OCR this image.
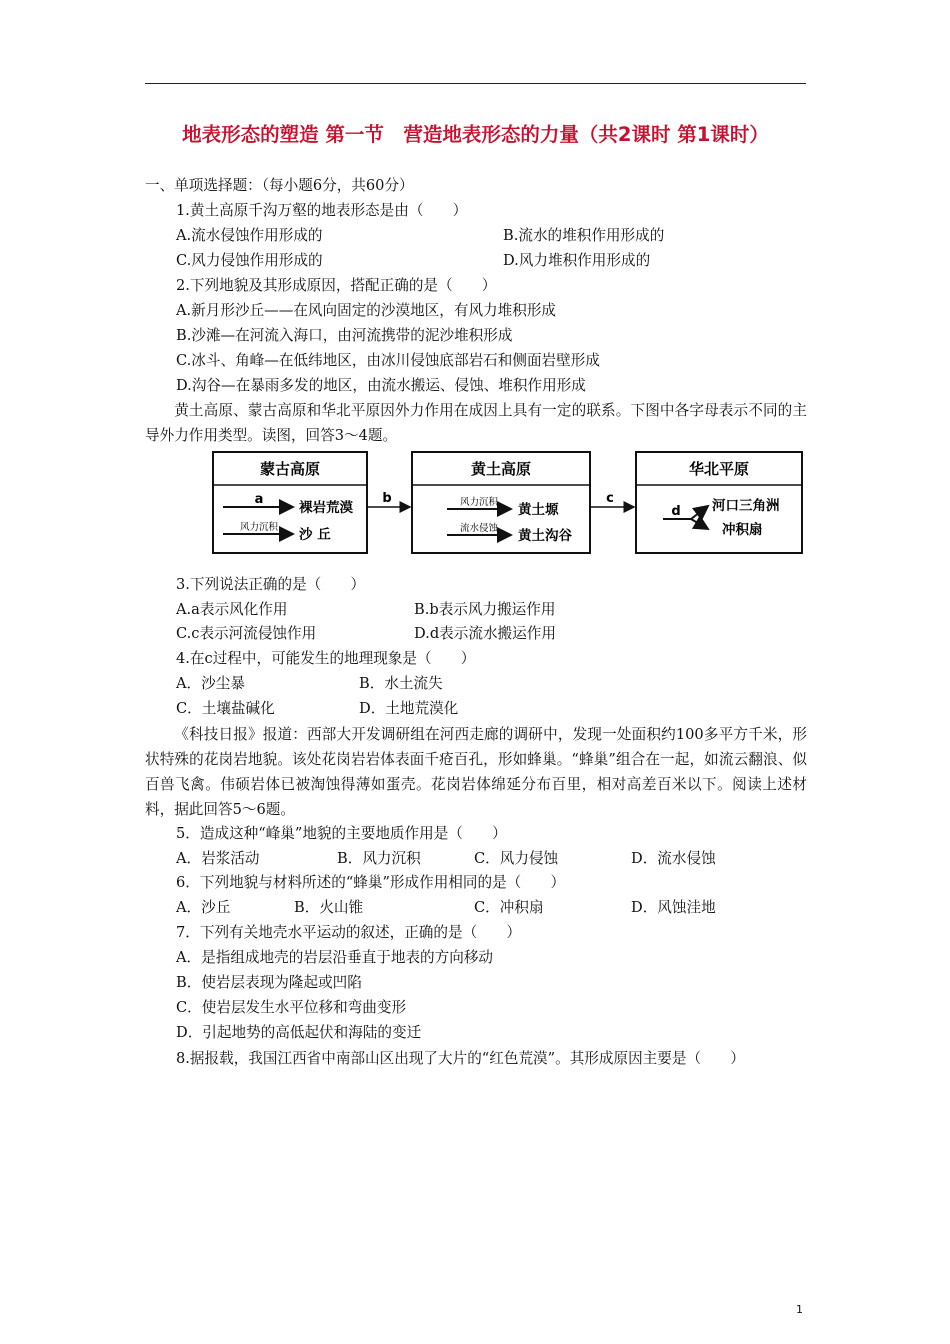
地表形态的塑造 第一节　营造地表形态的力量（共2课时 第1课时）
一、单项选择题：（每小题6分，共60分）
1.黄土高原千沟万壑的地表形态是由（　　）
A.流水侵蚀作用形成的	B.流水的堆积作用形成的
C.风力侵蚀作用形成的	D.风力堆积作用形成的
2.下列地貌及其形成原因，搭配正确的是（　　）
A.新月形沙丘——在风向固定的沙漠地区，有风力堆积形成
B.沙滩—在河流入海口，由河流携带的泥沙堆积形成
C.冰斗、角峰—在低纬地区，由冰川侵蚀底部岩石和侧面岩壁形成
D.沟谷—在暴雨多发的地区，由流水搬运、侵蚀、堆积作用形成
黄土高原、蒙古高原和华北平原因外力作用在成因上具有一定的联系。下图中各字母表示不同的主导外力作用类型。读图，回答3～4题。
蒙古高原
a
裸岩荒漠
风力沉积 沙 丘
b
黄土高原
风力沉积 黄土塬
流水侵蚀 黄土沟谷
c
华北平原
d 河口三角洲
冲积扇
3.下列说法正确的是（　　）
A.a表示风化作用	B.b表示风力搬运作用
C.c表示河流侵蚀作用	D.d表示流水搬运作用
4.在c过程中，可能发生的地理现象是（　　）
A．沙尘暴	B．水土流失
C．土壤盐碱化	D．土地荒漠化
《科技日报》报道：西部大开发调研组在河西走廊的调研中，发现一处面积约100多平方千米，形状特殊的花岗岩地貌。该处花岗岩岩体表面千疮百孔，形如蜂巢。“蜂巢”组合在一起，如流云翻浪、似百兽飞禽。伟硕岩体已被淘蚀得薄如蛋壳。花岗岩体绵延分布百里，相对高差百米以下。阅读上述材料，据此回答5～6题。
5．造成这种“峰巢”地貌的主要地质作用是（　　）
A．岩浆活动	B．风力沉积	C．风力侵蚀	D．流水侵蚀
6．下列地貌与材料所述的“蜂巢”形成作用相同的是（　　）
A．沙丘	B．火山锥	C．冲积扇	D．风蚀洼地
7．下列有关地壳水平运动的叙述，正确的是（　　）
A．是指组成地壳的岩层沿垂直于地表的方向移动
B．使岩层表现为隆起或凹陷
C．使岩层发生水平位移和弯曲变形
D．引起地势的高低起伏和海陆的变迁
8.据报载，我国江西省中南部山区出现了大片的“红色荒漠”。其形成原因主要是（　　）
1
